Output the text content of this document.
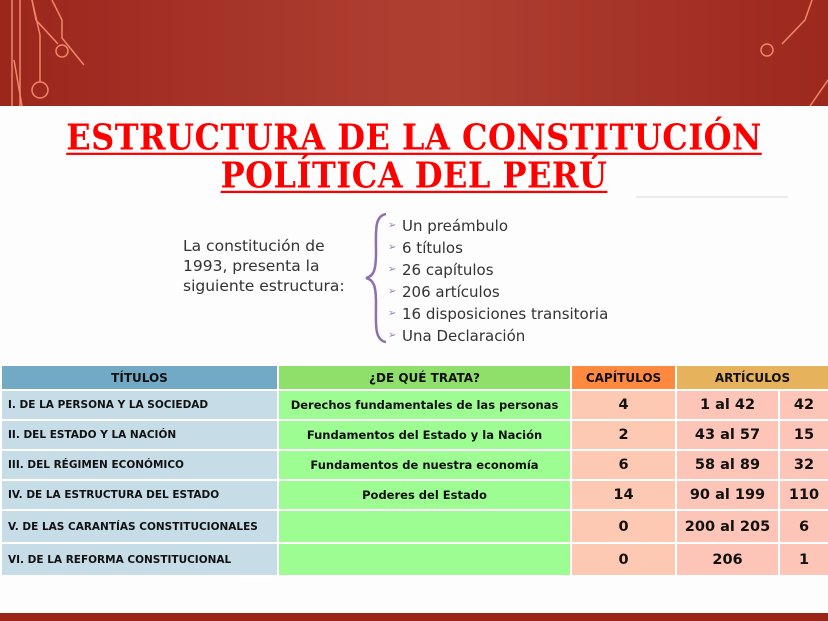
ESTRUCTURA DE LA CONSTITUCIÓN
POLÍTICA DEL PERÚ
La constitución de 1993, presenta la siguiente estructura:
➢ Un preámbulo
➢ 6 títulos
➢ 26 capítulos
➢ 206 artículos
➢ 16 disposiciones transitoria
➢ Una Declaración
TÍTULOS	¿DE QUÉ TRATA?	CAPÍTULOS	ARTÍCULOS	
I. DE LA PERSONA Y LA SOCIEDAD	Derechos fundamentales de las personas	4	1 al 42	42
II. DEL ESTADO Y LA NACIÓN	Fundamentos del Estado y la Nación	2	43 al 57	15
III. DEL RÉGIMEN ECONÓMICO	Fundamentos de nuestra economía	6	58 al 89	32
IV. DE LA ESTRUCTURA DEL ESTADO	Poderes del Estado	14	90 al 199	110
V. DE LAS CARANTÍAS CONSTITUCIONALES		0	200 al 205	6
VI. DE LA REFORMA CONSTITUCIONAL		0	206	1
